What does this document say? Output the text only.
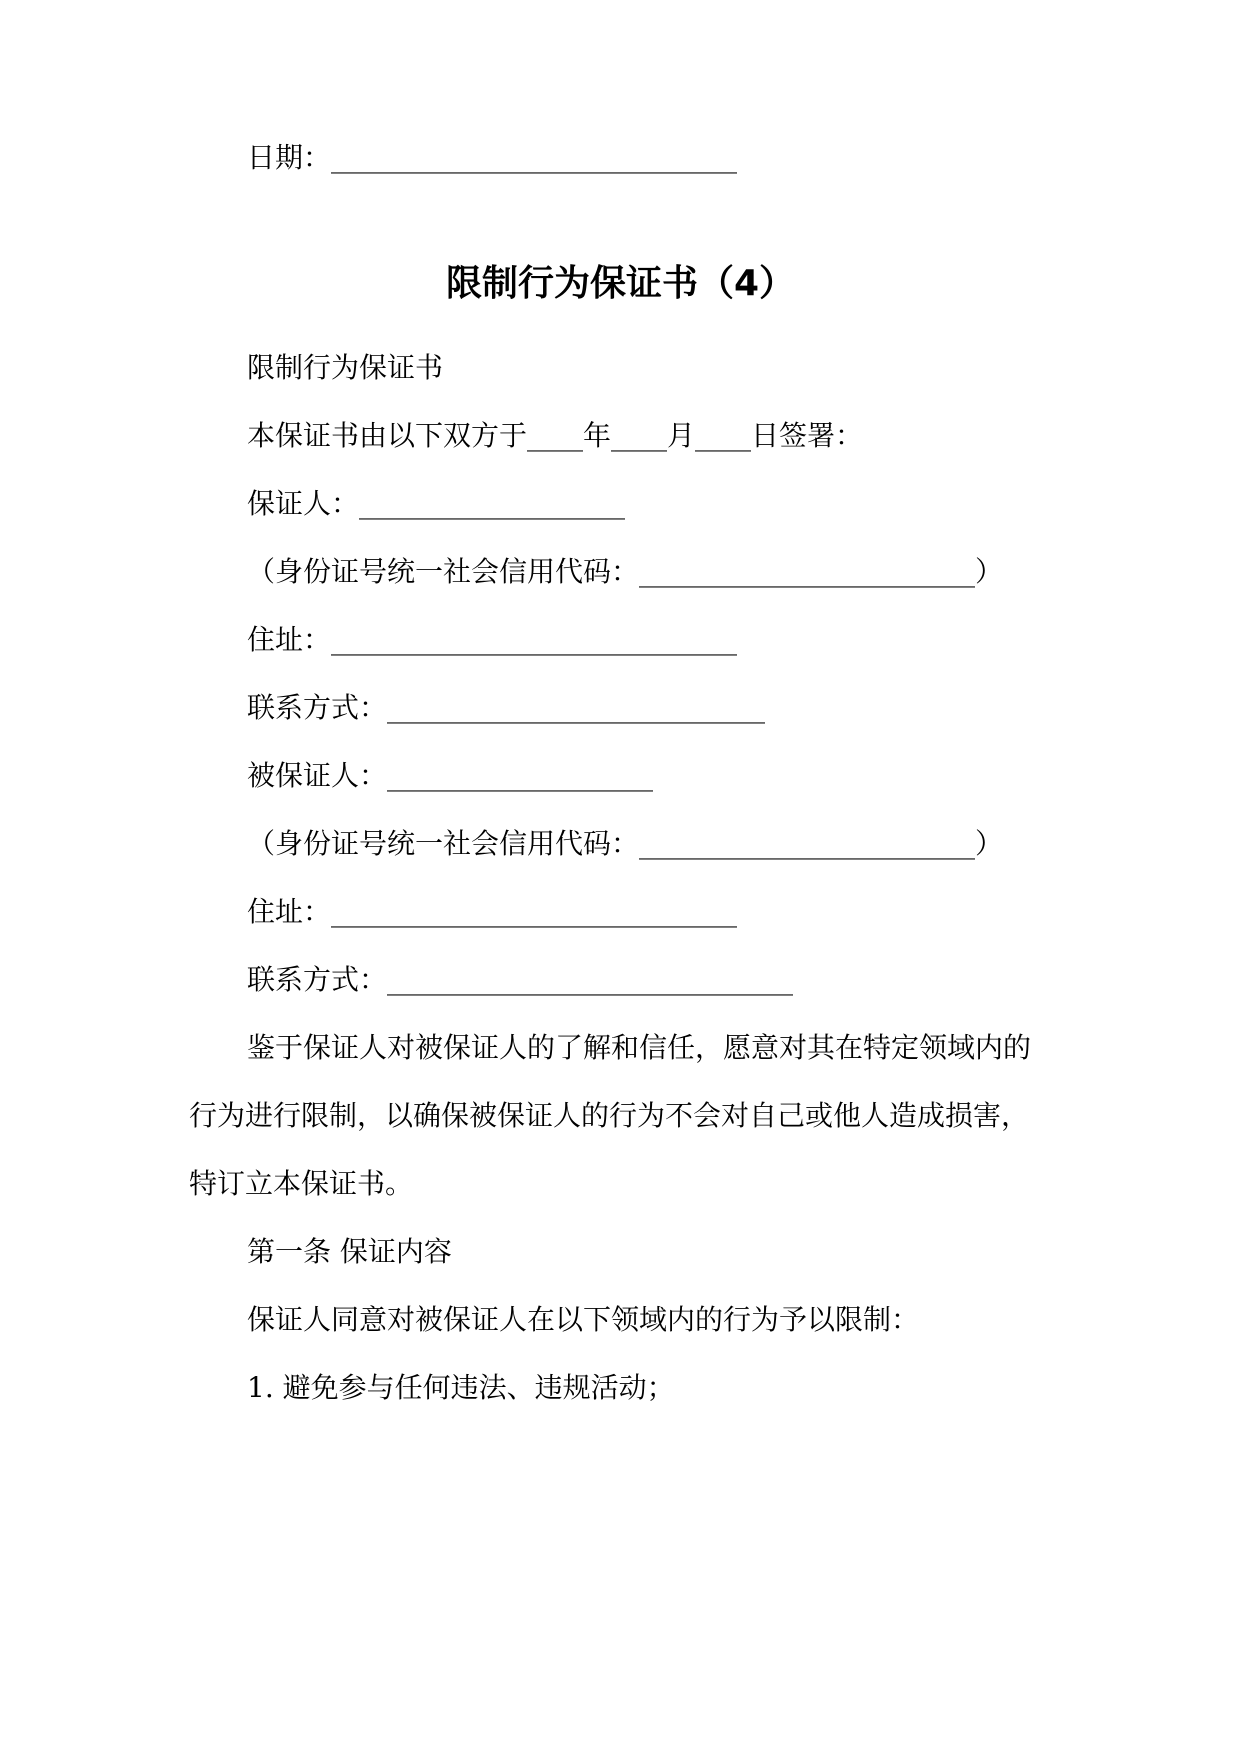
日期：_____________________________
限制行为保证书（4）
限制行为保证书
本保证书由以下双方于____年____月____日签署：
保证人：___________________
（身份证号统一社会信用代码：________________________）
住址：_____________________________
联系方式：___________________________
被保证人：___________________
（身份证号统一社会信用代码：________________________）
住址：_____________________________
联系方式：_____________________________
鉴于保证人对被保证人的了解和信任，愿意对其在特定领域内的
行为进行限制，以确保被保证人的行为不会对自己或他人造成损害，
特订立本保证书。
第一条 保证内容
保证人同意对被保证人在以下领域内的行为予以限制：
1. 避免参与任何违法、违规活动；
